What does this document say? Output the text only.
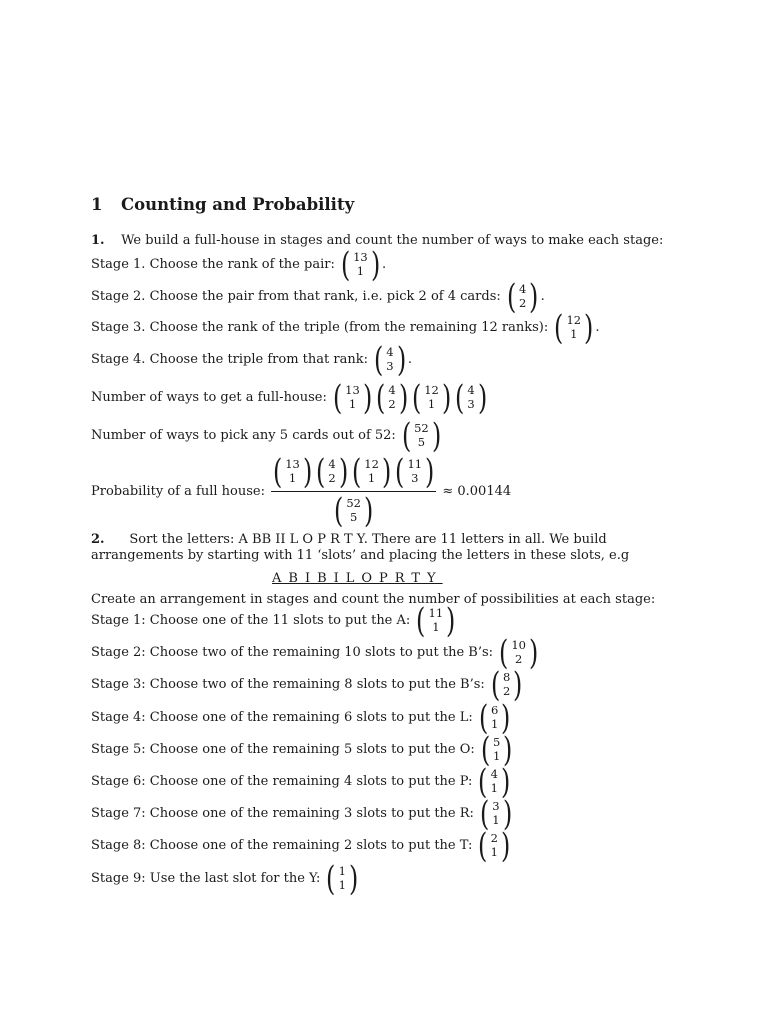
1 Counting and Probability
1. We build a full-house in stages and count the number of ways to make each stage:
Stage 1. Choose the rank of the pair: ( 13
1 ) .
Stage 2. Choose the pair from that rank, i.e. pick 2 of 4 cards: ( 4
2 ) .
Stage 3. Choose the rank of the triple (from the remaining 12 ranks): ( 12
1 ) .
Stage 4. Choose the triple from that rank: ( 4
3 ) .
Number of ways to get a full-house: ( 13
1 ) ( 4
2 ) ( 12
1 ) ( 4
3 )
Number of ways to pick any 5 cards out of 52: ( 52
5 )
Probability of a full house: ( 13
1 ) ( 4
2 ) ( 12
1 ) ( 11
3 )
( 52
5 ) ≈ 0.00144
2. Sort the letters: A BB II L O P R T Y. There are 11 letters in all. We build
arrangements by starting with 11 ‘slots’ and placing the letters in these slots, e.g
ABIBILOPRTY
Create an arrangement in stages and count the number of possibilities at each stage:
Stage 1: Choose one of the 11 slots to put the A: ( 11
1 )
Stage 2: Choose two of the remaining 10 slots to put the B’s: ( 10
2 )
Stage 3: Choose two of the remaining 8 slots to put the B’s: ( 8
2 )
Stage 4: Choose one of the remaining 6 slots to put the L: ( 6
1 )
Stage 5: Choose one of the remaining 5 slots to put the O: ( 5
1 )
Stage 6: Choose one of the remaining 4 slots to put the P: ( 4
1 )
Stage 7: Choose one of the remaining 3 slots to put the R: ( 3
1 )
Stage 8: Choose one of the remaining 2 slots to put the T: ( 2
1 )
Stage 9: Use the last slot for the Y: ( 1
1 )
